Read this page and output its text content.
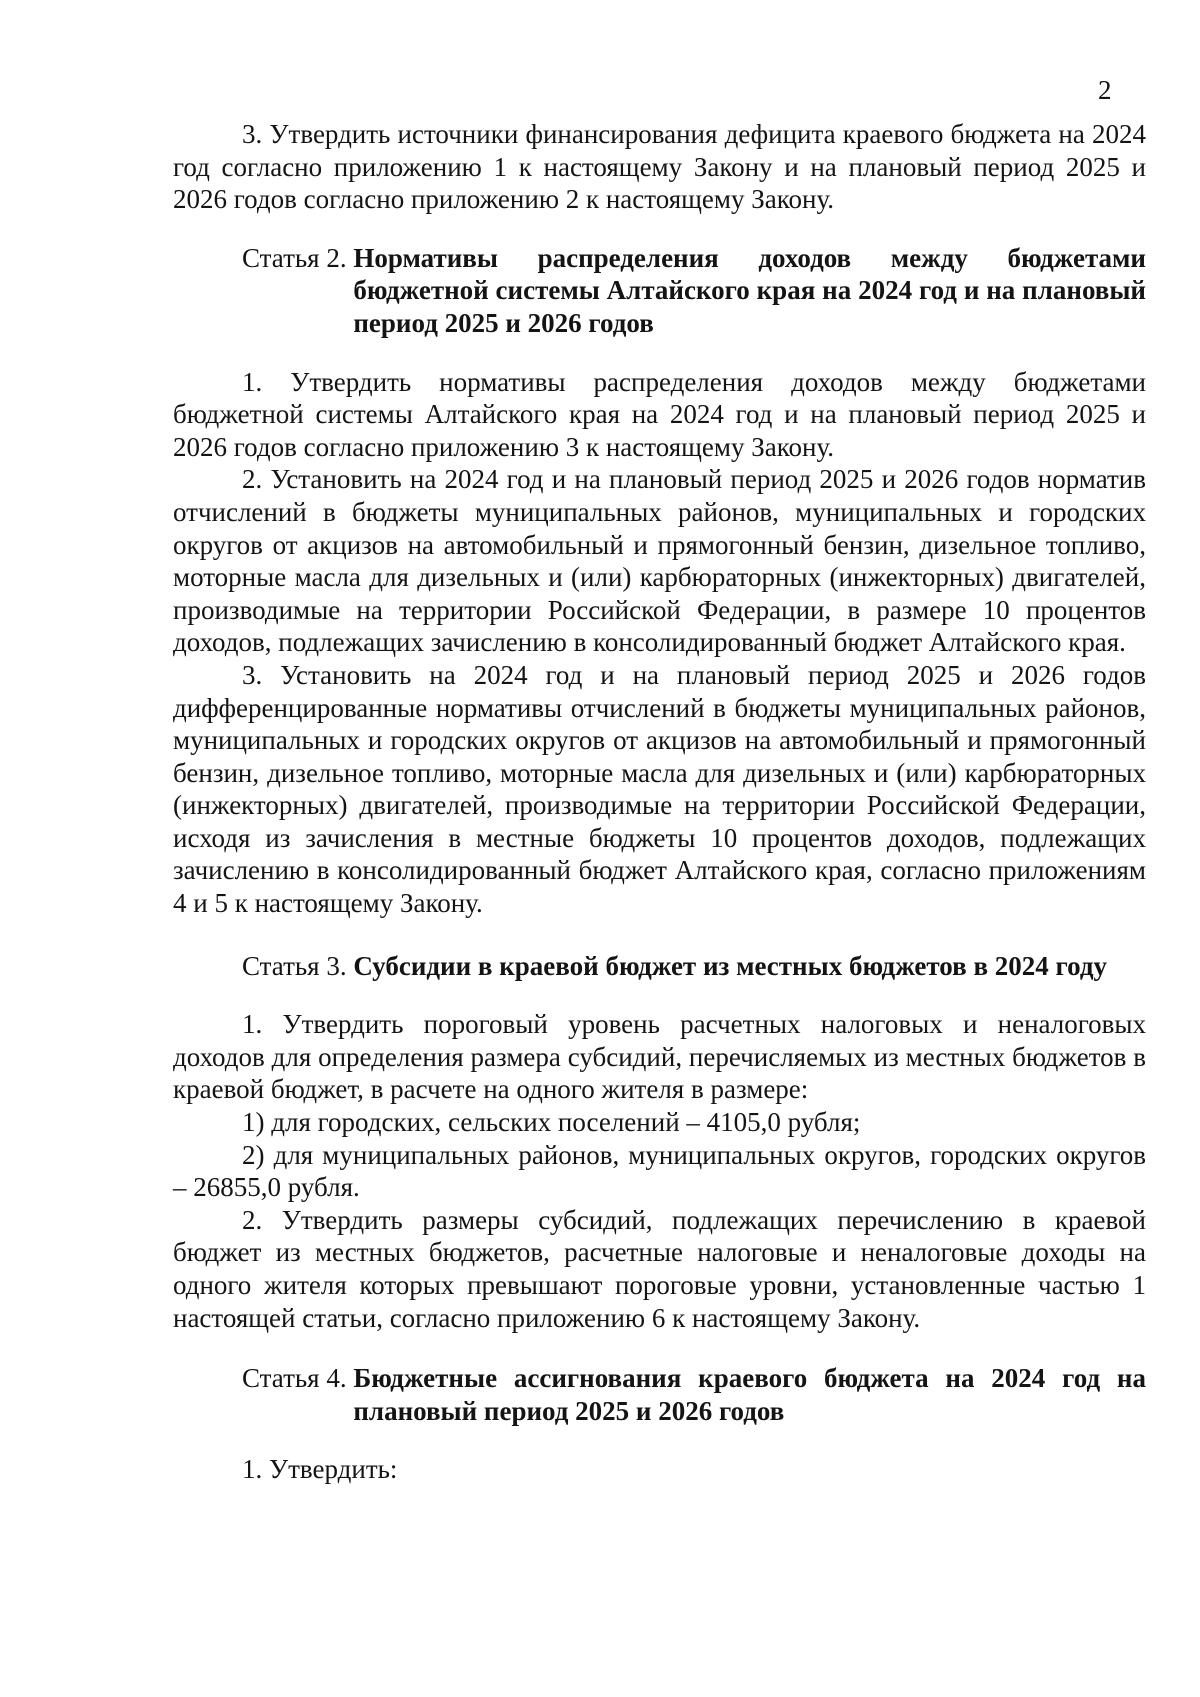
2

3. Утвердить источники финансирования дефицита краевого бюджета на 2024 год согласно приложению 1 к настоящему Закону и на плановый период 2025 и 2026 годов согласно приложению 2 к настоящему Закону.

Статья 2. Нормативы распределения доходов между бюджетами бюджетной системы Алтайского края на 2024 год и на плановый период 2025 и 2026 годов

1. Утвердить нормативы распределения доходов между бюджетами бюджетной системы Алтайского края на 2024 год и на плановый период 2025 и 2026 годов согласно приложению 3 к настоящему Закону.

2. Установить на 2024 год и на плановый период 2025 и 2026 годов норматив отчислений в бюджеты муниципальных районов, муниципальных и городских округов от акцизов на автомобильный и прямогонный бензин, дизельное топливо, моторные масла для дизельных и (или) карбюраторных (инжекторных) двигателей, производимые на территории Российской Федерации, в размере 10 процентов доходов, подлежащих зачислению в консолидированный бюджет Алтайского края.

3. Установить на 2024 год и на плановый период 2025 и 2026 годов дифференцированные нормативы отчислений в бюджеты муниципальных районов, муниципальных и городских округов от акцизов на автомобильный и прямогонный бензин, дизельное топливо, моторные масла для дизельных и (или) карбюраторных (инжекторных) двигателей, производимые на территории Российской Федерации, исходя из зачисления в местные бюджеты 10 процентов доходов, подлежащих зачислению в консолидированный бюджет Алтайского края, согласно приложениям 4 и 5 к настоящему Закону.

Статья 3. Субсидии в краевой бюджет из местных бюджетов в 2024 году

1. Утвердить пороговый уровень расчетных налоговых и неналоговых доходов для определения размера субсидий, перечисляемых из местных бюджетов в краевой бюджет, в расчете на одного жителя в размере:

1) для городских, сельских поселений – 4105,0 рубля;

2) для муниципальных районов, муниципальных округов, городских округов – 26855,0 рубля.

2. Утвердить размеры субсидий, подлежащих перечислению в краевой бюджет из местных бюджетов, расчетные налоговые и неналоговые доходы на одного жителя которых превышают пороговые уровни, установленные частью 1 настоящей статьи, согласно приложению 6 к настоящему Закону.

Статья 4. Бюджетные ассигнования краевого бюджета на 2024 год на плановый период 2025 и 2026 годов

1. Утвердить:
